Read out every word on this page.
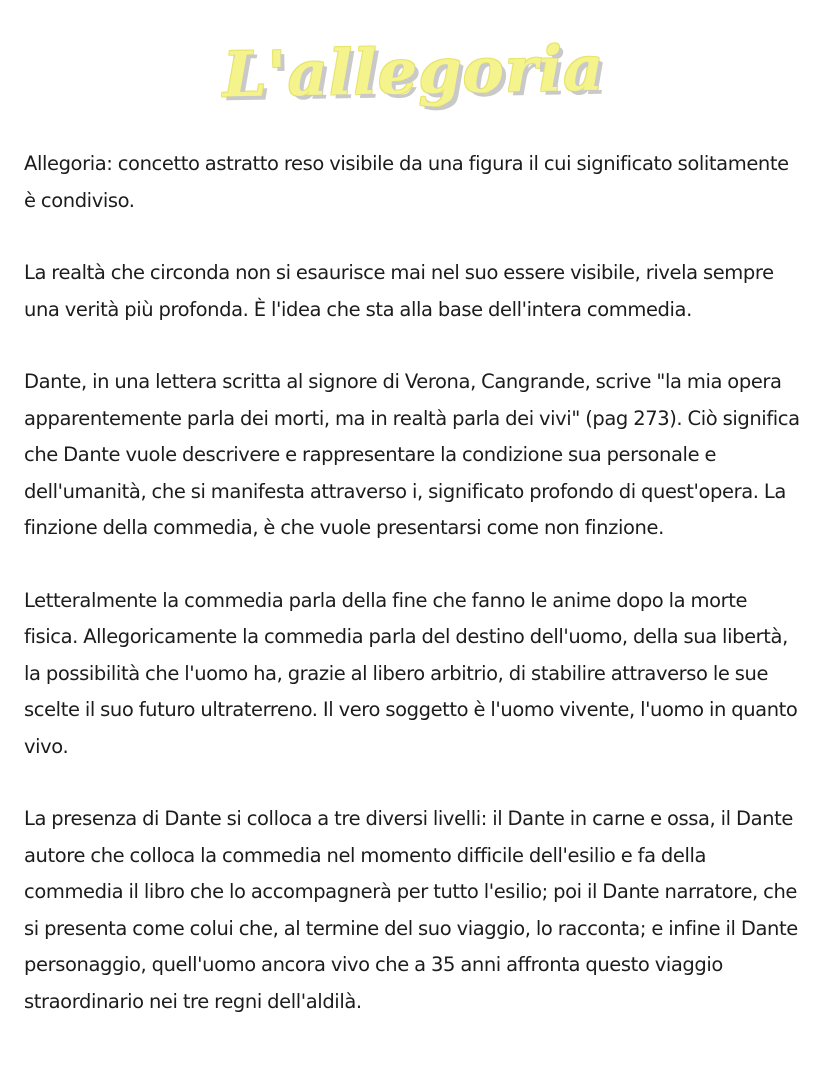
L'allegoria

Allegoria: concetto astratto reso visibile da una figura il cui significato solitamente è condiviso.

La realtà che circonda non si esaurisce mai nel suo essere visibile, rivela sempre una verità più profonda. È l'idea che sta alla base dell'intera commedia.

Dante, in una lettera scritta al signore di Verona, Cangrande, scrive "la mia opera apparentemente parla dei morti, ma in realtà parla dei vivi" (pag 273). Ciò significa che Dante vuole descrivere e rappresentare la condizione sua personale e dell'umanità, che si manifesta attraverso i, significato profondo di quest'opera. La finzione della commedia, è che vuole presentarsi come non finzione.

Letteralmente la commedia parla della fine che fanno le anime dopo la morte fisica. Allegoricamente la commedia parla del destino dell'uomo, della sua libertà, la possibilità che l'uomo ha, grazie al libero arbitrio, di stabilire attraverso le sue scelte il suo futuro ultraterreno. Il vero soggetto è l'uomo vivente, l'uomo in quanto vivo.

La presenza di Dante si colloca a tre diversi livelli: il Dante in carne e ossa, il Dante autore che colloca la commedia nel momento difficile dell'esilio e fa della commedia il libro che lo accompagnerà per tutto l'esilio; poi il Dante narratore, che si presenta come colui che, al termine del suo viaggio, lo racconta; e infine il Dante personaggio, quell'uomo ancora vivo che a 35 anni affronta questo viaggio straordinario nei tre regni dell'aldilà.
